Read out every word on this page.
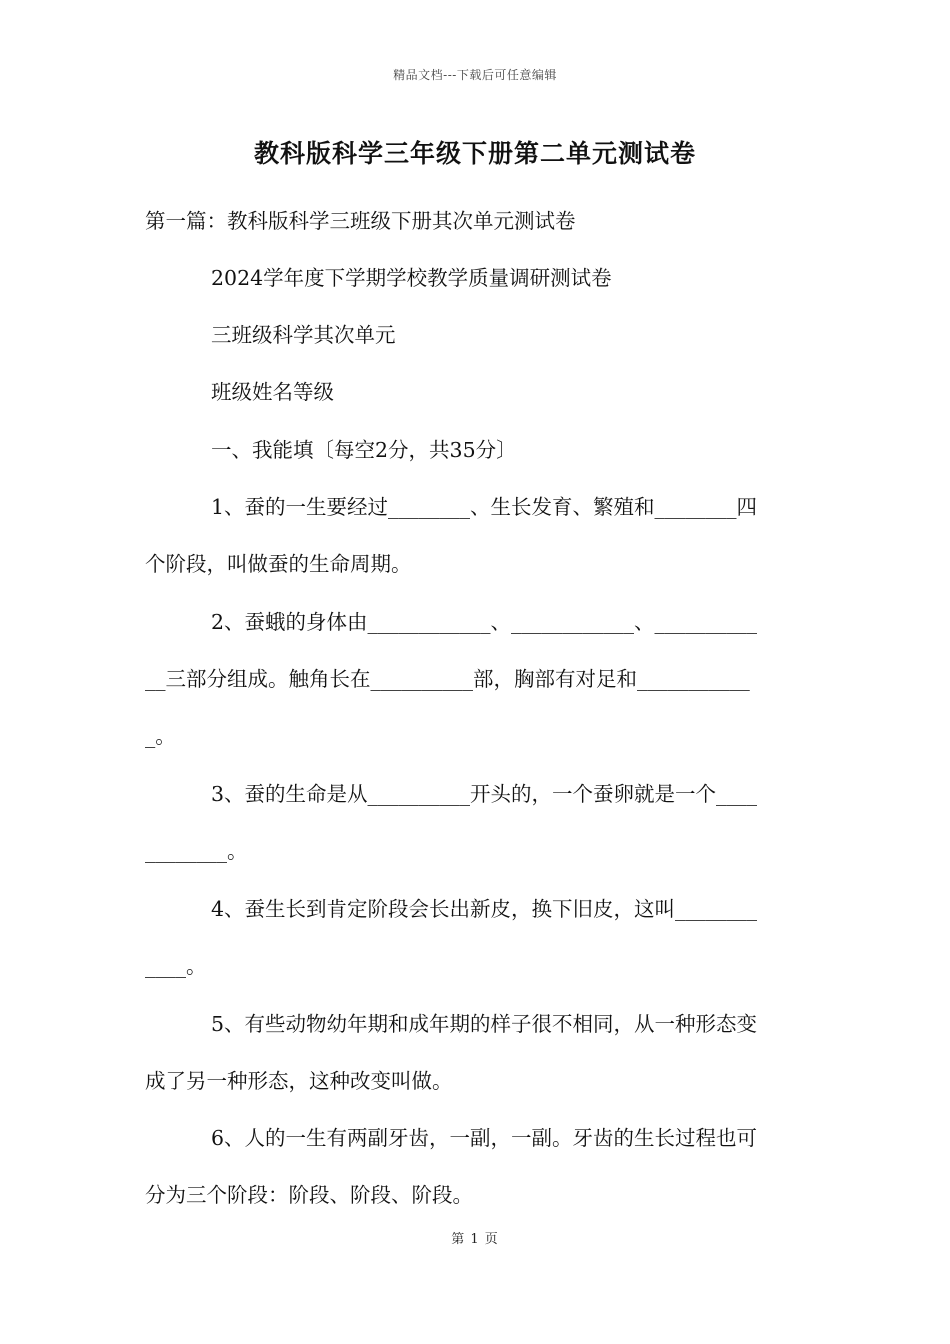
精品文档---下载后可任意编辑
教科版科学三年级下册第二单元测试卷
第一篇：教科版科学三班级下册其次单元测试卷
2024学年度下学期学校教学质量调研测试卷
三班级科学其次单元
班级姓名等级
一、我能填〔每空2分，共35分〕
1、蚕的一生要经过________、生长发育、繁殖和________四
个阶段，叫做蚕的生命周期。
2、蚕蛾的身体由____________、____________、__________
__三部分组成。触角长在__________部，胸部有对足和___________
_。
3、蚕的生命是从__________开头的，一个蚕卵就是一个____
________。
4、蚕生长到肯定阶段会长出新皮，换下旧皮，这叫________
____。
5、有些动物幼年期和成年期的样子很不相同，从一种形态变
成了另一种形态，这种改变叫做。
6、人的一生有两副牙齿，一副，一副。牙齿的生长过程也可
分为三个阶段：阶段、阶段、阶段。
第 1 页
